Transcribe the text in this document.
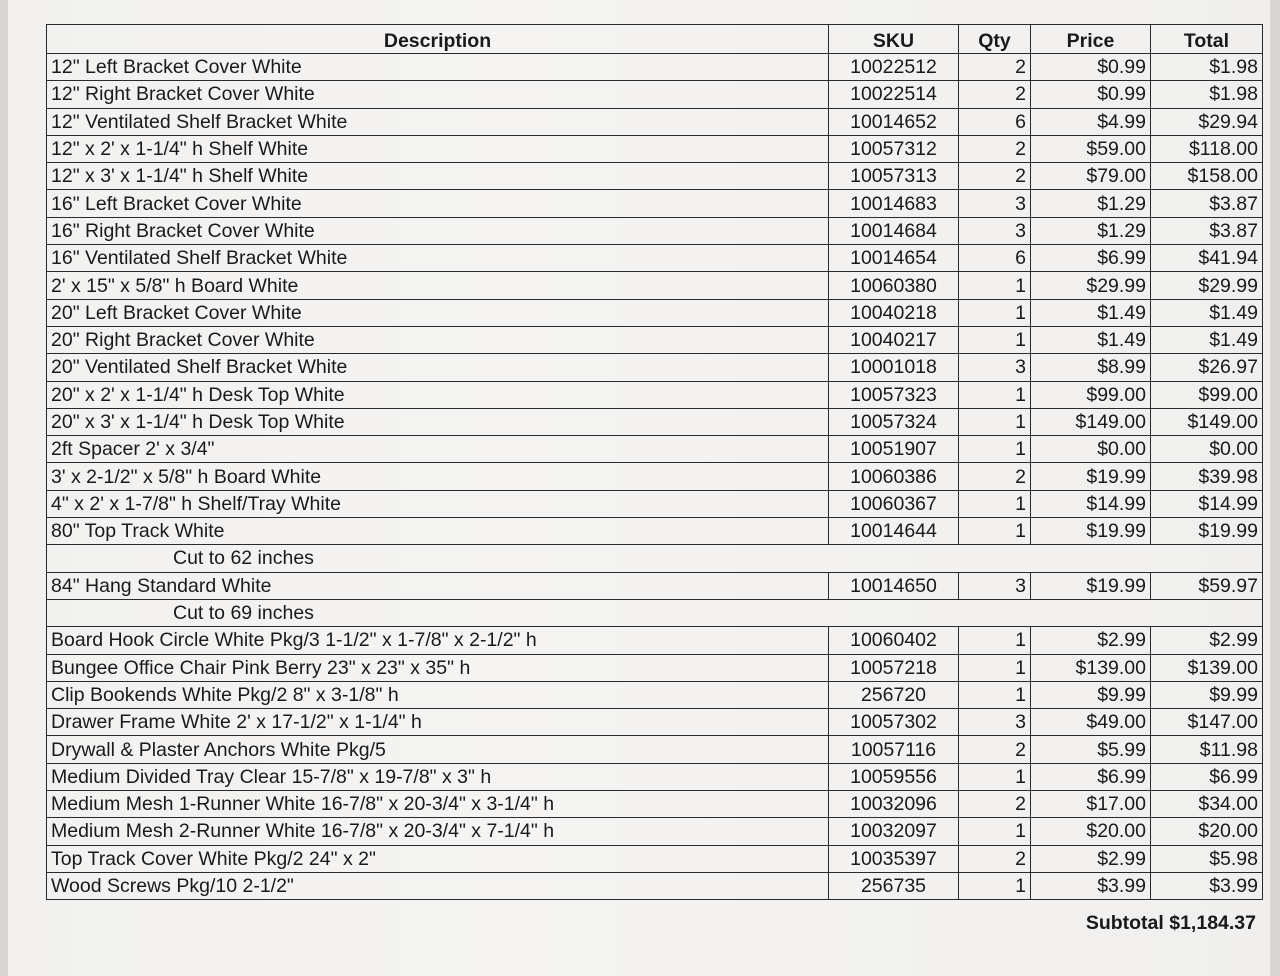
Description	SKU	Qty	Price	Total
12" Left Bracket Cover White	10022512	2	$0.99	$1.98
12" Right Bracket Cover White	10022514	2	$0.99	$1.98
12" Ventilated Shelf Bracket White	10014652	6	$4.99	$29.94
12" x 2' x 1-1/4" h Shelf White	10057312	2	$59.00	$118.00
12" x 3' x 1-1/4" h Shelf White	10057313	2	$79.00	$158.00
16" Left Bracket Cover White	10014683	3	$1.29	$3.87
16" Right Bracket Cover White	10014684	3	$1.29	$3.87
16" Ventilated Shelf Bracket White	10014654	6	$6.99	$41.94
2' x 15" x 5/8" h Board White	10060380	1	$29.99	$29.99
20" Left Bracket Cover White	10040218	1	$1.49	$1.49
20" Right Bracket Cover White	10040217	1	$1.49	$1.49
20" Ventilated Shelf Bracket White	10001018	3	$8.99	$26.97
20" x 2' x 1-1/4" h Desk Top White	10057323	1	$99.00	$99.00
20" x 3' x 1-1/4" h Desk Top White	10057324	1	$149.00	$149.00
2ft Spacer 2' x 3/4"	10051907	1	$0.00	$0.00
3' x 2-1/2" x 5/8" h Board White	10060386	2	$19.99	$39.98
4" x 2' x 1-7/8" h Shelf/Tray White	10060367	1	$14.99	$14.99
80" Top Track White	10014644	1	$19.99	$19.99
Cut to 62 inches				
84" Hang Standard White	10014650	3	$19.99	$59.97
Cut to 69 inches				
Board Hook Circle White Pkg/3 1-1/2" x 1-7/8" x 2-1/2" h	10060402	1	$2.99	$2.99
Bungee Office Chair Pink Berry 23" x 23" x 35" h	10057218	1	$139.00	$139.00
Clip Bookends White Pkg/2 8" x 3-1/8" h	256720	1	$9.99	$9.99
Drawer Frame White 2' x 17-1/2" x 1-1/4" h	10057302	3	$49.00	$147.00
Drywall & Plaster Anchors White Pkg/5	10057116	2	$5.99	$11.98
Medium Divided Tray Clear 15-7/8" x 19-7/8" x 3" h	10059556	1	$6.99	$6.99
Medium Mesh 1-Runner White 16-7/8" x 20-3/4" x 3-1/4" h	10032096	2	$17.00	$34.00
Medium Mesh 2-Runner White 16-7/8" x 20-3/4" x 7-1/4" h	10032097	1	$20.00	$20.00
Top Track Cover White Pkg/2 24" x 2"	10035397	2	$2.99	$5.98
Wood Screws Pkg/10 2-1/2"	256735	1	$3.99	$3.99
Subtotal $1,184.37
